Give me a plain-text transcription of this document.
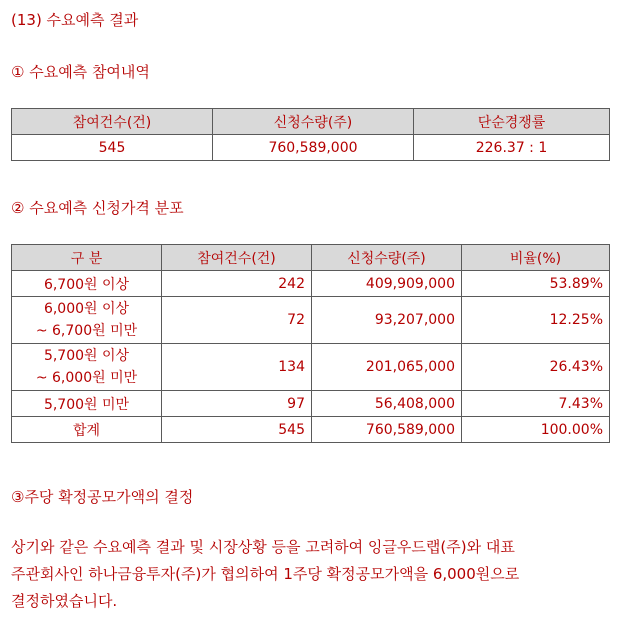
(13) 수요예측 결과
① 수요예측 참여내역
참여건수(건)	신청수량(주)	단순경쟁률
545	760,589,000	226.37 : 1
② 수요예측 신청가격 분포
구 분	참여건수(건)	신청수량(주)	비율(%)
6,700원 이상	242	409,909,000	53.89%
6,000원 이상
~ 6,700원 미만	72	93,207,000	12.25%
5,700원 이상
~ 6,000원 미만	134	201,065,000	26.43%
5,700원 미만	97	56,408,000	7.43%
합계	545	760,589,000	100.00%
③주당 확정공모가액의 결정
상기와 같은 수요예측 결과 및 시장상황 등을 고려하여 잉글우드랩(주)와 대표
주관회사인 하나금융투자(주)가 협의하여 1주당 확정공모가액을 6,000원으로
결정하였습니다.
